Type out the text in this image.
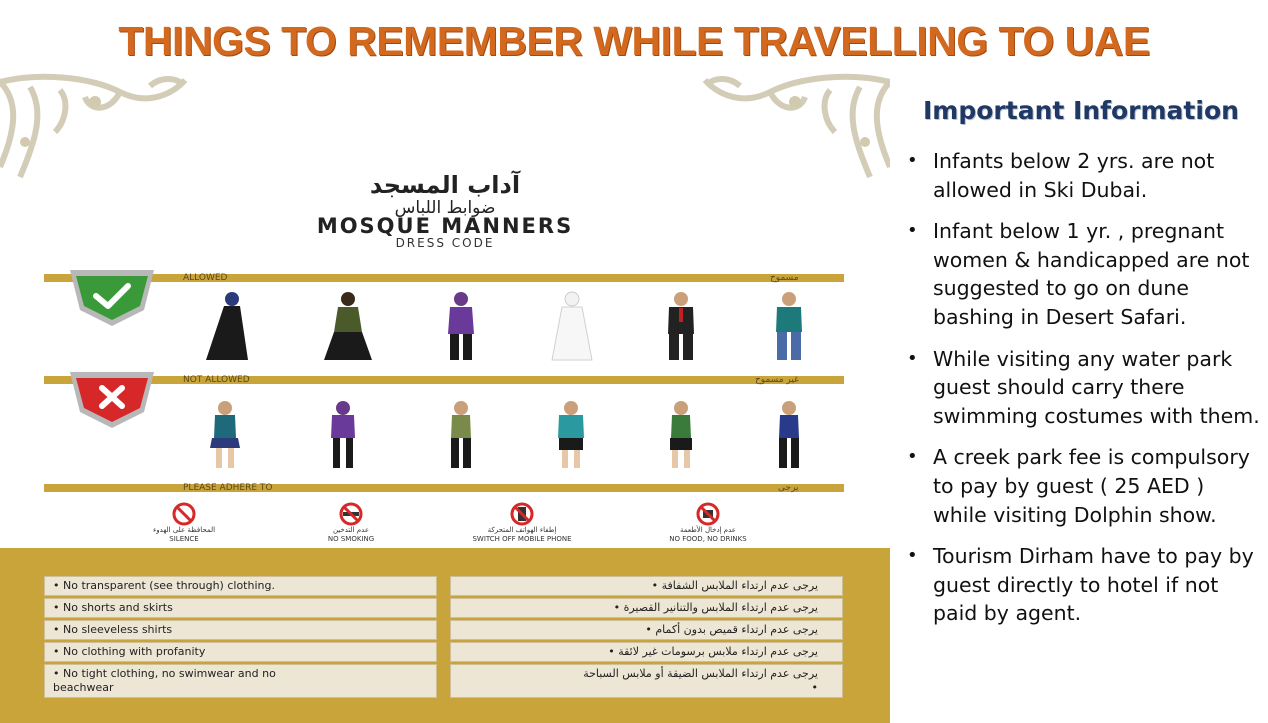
THINGS TO REMEMBER WHILE TRAVELLING TO UAE
آداب المسجد
ضوابط اللباس
MOSQUE MANNERS
DRESS CODE
ALLOWED	مسموح
NOT ALLOWED	غير مسموح
PLEASE ADHERE TO	يرجى
المحافظة على الهدوء
SILENCE
عدم التدخين
NO SMOKING
إطفاء الهواتف المتحركة
SWITCH OFF MOBILE PHONE
عدم إدخال الأطعمة
NO FOOD, NO DRINKS
• No transparent (see through) clothing.
• No shorts and skirts
• No sleeveless shirts
• No clothing with profanity
• No tight clothing, no swimwear and no beachwear
يرجى عدم ارتداء الملابس الشفافة •
يرجى عدم ارتداء الملابس والتنانير القصيرة •
يرجى عدم ارتداء قميص بدون أكمام •
يرجى عدم ارتداء ملابس برسومات غير لائقة •
يرجى عدم ارتداء الملابس الضيقة أو ملابس السباحة •
Important Information
• Infants below 2 yrs. are not allowed in Ski Dubai.
• Infant below 1 yr. , pregnant women & handicapped are not suggested to go on dune bashing in Desert Safari.
• While visiting any water park guest should carry there swimming costumes with them.
• A creek park fee is compulsory to pay by guest ( 25 AED ) while visiting Dolphin show.
• Tourism Dirham have to pay by guest directly to hotel if not paid by agent.
